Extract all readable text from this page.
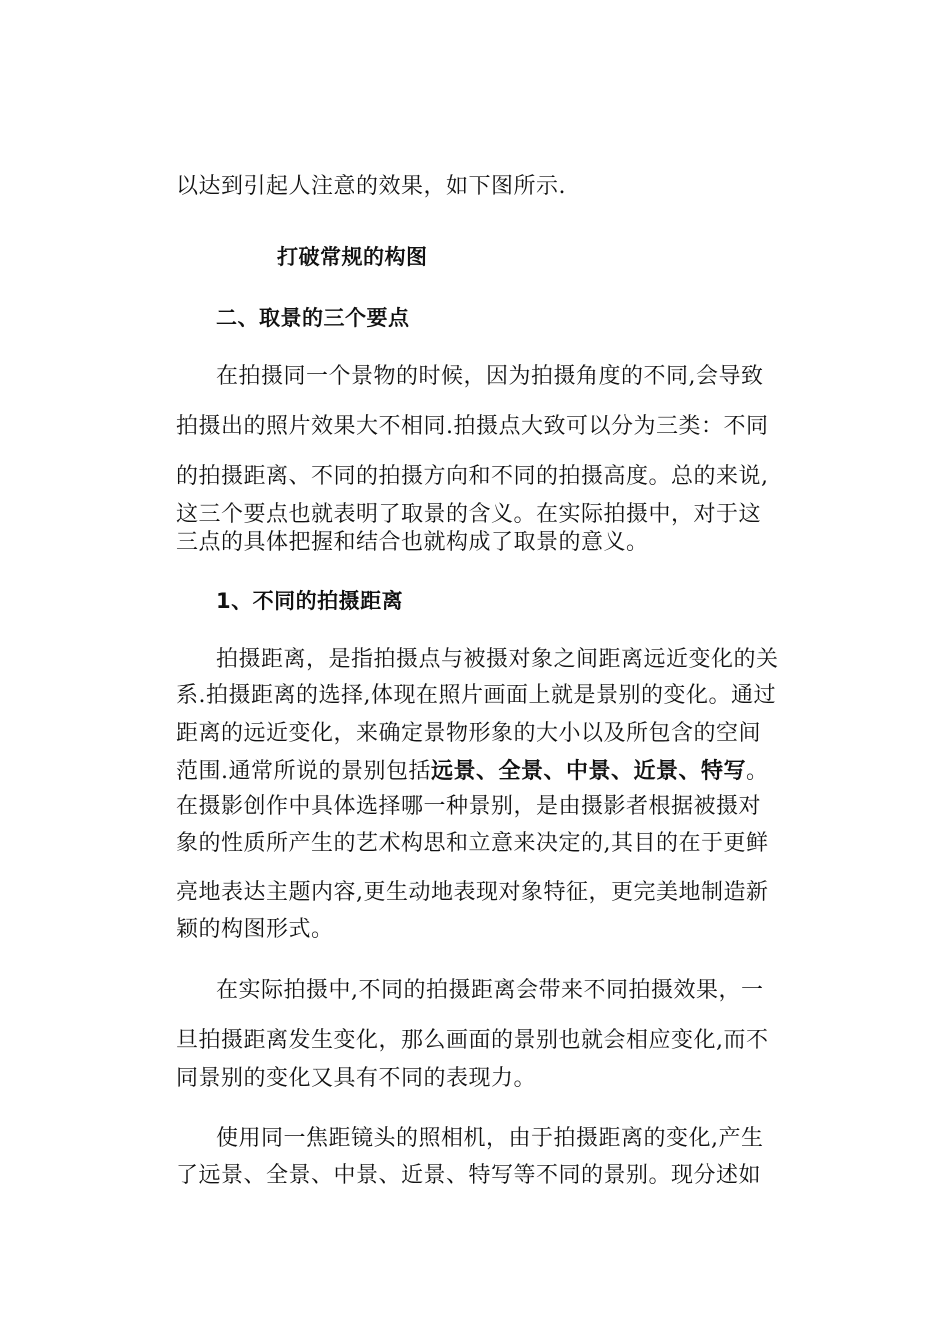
以达到引起人注意的效果，如下图所示.
打破常规的构图
二、取景的三个要点
在拍摄同一个景物的时候，因为拍摄角度的不同,会导致
拍摄出的照片效果大不相同.拍摄点大致可以分为三类：不同
的拍摄距离、不同的拍摄方向和不同的拍摄高度。总的来说,
这三个要点也就表明了取景的含义。在实际拍摄中，对于这
三点的具体把握和结合也就构成了取景的意义。
1、不同的拍摄距离
拍摄距离，是指拍摄点与被摄对象之间距离远近变化的关
系.拍摄距离的选择,体现在照片画面上就是景别的变化。通过
距离的远近变化，来确定景物形象的大小以及所包含的空间
范围.通常所说的景别包括远景、全景、中景、近景、特写。
在摄影创作中具体选择哪一种景别，是由摄影者根据被摄对
象的性质所产生的艺术构思和立意来决定的,其目的在于更鲜
亮地表达主题内容,更生动地表现对象特征，更完美地制造新
颖的构图形式。
在实际拍摄中,不同的拍摄距离会带来不同拍摄效果，一
旦拍摄距离发生变化，那么画面的景别也就会相应变化,而不
同景别的变化又具有不同的表现力。
使用同一焦距镜头的照相机，由于拍摄距离的变化,产生
了远景、全景、中景、近景、特写等不同的景别。现分述如
